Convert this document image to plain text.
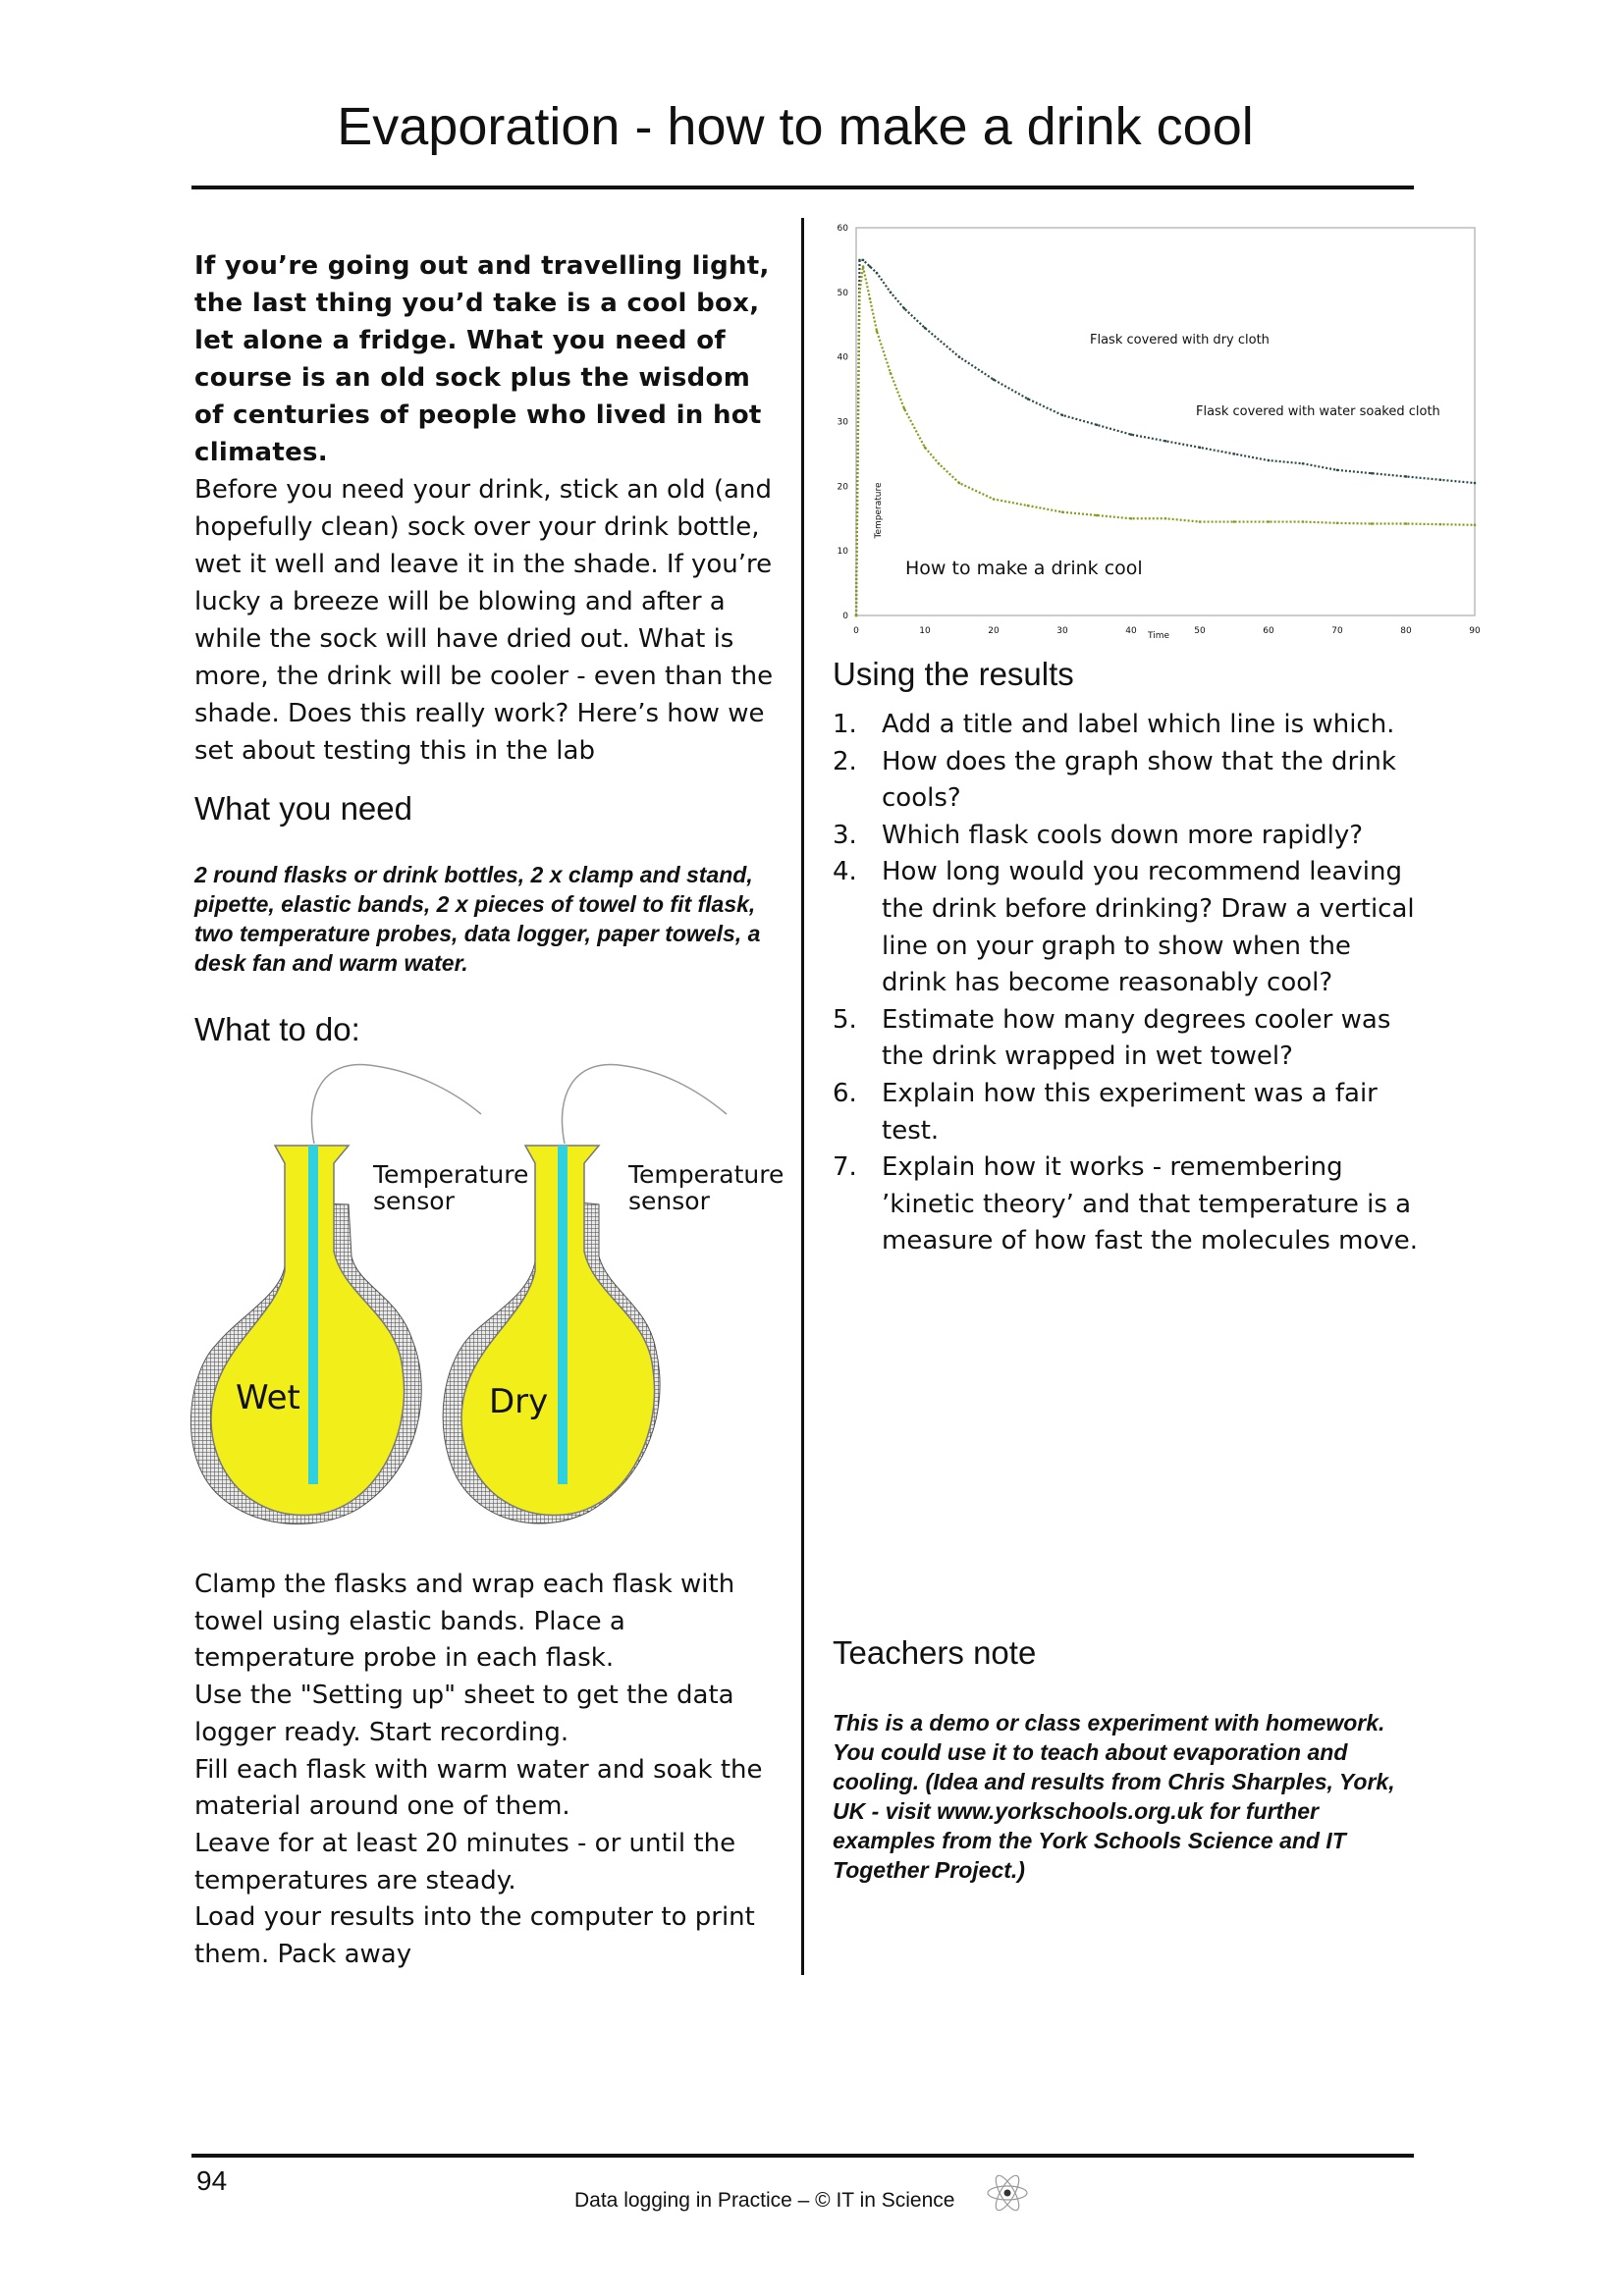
Evaporation - how to make a drink cool
If you’re going out and travelling light, the last thing you’d take is a cool box, let alone a fridge. What you need of course is an old sock plus the wisdom of centuries of people who lived in hot climates.
Before you need your drink, stick an old (and hopefully clean) sock over your drink bottle, wet it well and leave it in the shade. If you’re lucky a breeze will be blowing and after a while the sock will have dried out. What is more, the drink will be cooler - even than the shade. Does this really work? Here’s how we set about testing this in the lab
What you need
2 round flasks or drink bottles, 2 x clamp and stand, pipette, elastic bands, 2 x pieces of towel to fit flask, two temperature probes, data logger, paper towels, a desk fan and warm water.
What to do:
Wet	Dry
Temperature
sensor
Temperature
sensor

Clamp the flasks and wrap each flask with towel using elastic bands. Place a temperature probe in each flask.

Use the "Setting up" sheet to get the data logger ready. Start recording.

Fill each flask with warm water and soak the material around one of them.

Leave for at least 20 minutes - or until the temperatures are steady.

Load your results into the computer to print them. Pack away

0
10
20
30
40
50
60
0	10	20	30	40	50	60	70	80	90
Time
Temperature
Flask covered with dry cloth
Flask covered with water soaked cloth
How to make a drink cool
Using the results
1. Add a title and label which line is which.
2. How does the graph show that the drink cools?
3. Which flask cools down more rapidly?
4. How long would you recommend leaving the drink before drinking? Draw a vertical line on your graph to show when the drink has become reasonably cool?
5. Estimate how many degrees cooler was the drink wrapped in wet towel?
6. Explain how this experiment was a fair test.
7. Explain how it works - remembering ’kinetic theory’ and that temperature is a measure of how fast the molecules move.
Teachers note
This is a demo or class experiment with homework. You could use it to teach about evaporation and cooling. (Idea and results from Chris Sharples, York, UK - visit www.yorkschools.org.uk for further examples from the York Schools Science and IT Together Project.)
94
Data logging in Practice – © IT in Science
